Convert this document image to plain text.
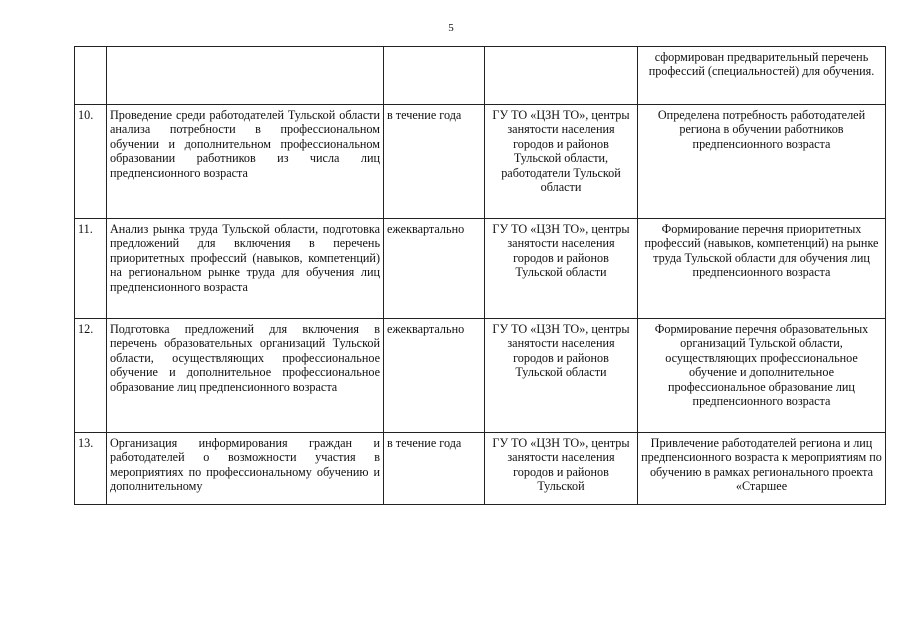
5
				сформирован предварительный перечень профессий (специальностей) для обучения.
10.	Проведение среди работодателей Тульской области анализа потребности в профессиональном обучении и дополнительном профессиональном образовании работников из числа лиц предпенсионного возраста	в течение года	ГУ ТО «ЦЗН ТО», центры занятости населения городов и районов Тульской области, работодатели Тульской области	Определена потребность работодателей региона в обучении работников предпенсионного возраста
11.	Анализ рынка труда Тульской области, подготовка предложений для включения в перечень приоритетных профессий (навыков, компетенций) на региональном рынке труда для обучения лиц предпенсионного возраста	ежеквартально	ГУ ТО «ЦЗН ТО», центры занятости населения городов и районов Тульской области	Формирование перечня приоритетных профессий (навыков, компетенций) на рынке труда Тульской области для обучения лиц предпенсионного возраста
12.	Подготовка предложений для включения в перечень образовательных организаций Тульской области, осуществляющих профессиональное обучение и дополнительное профессиональное образование лиц предпенсионного возраста	ежеквартально	ГУ ТО «ЦЗН ТО», центры занятости населения городов и районов Тульской области	Формирование перечня образовательных организаций Тульской области, осуществляющих профессиональное обучение и дополнительное профессиональное образование лиц предпенсионного возраста
13.	Организация информирования граждан и работодателей о возможности участия в мероприятиях по профессиональному обучению и дополнительному	в течение года	ГУ ТО «ЦЗН ТО», центры занятости населения городов и районов Тульской	Привлечение работодателей региона и лиц предпенсионного возраста к мероприятиям по обучению в рамках регионального проекта «Старшее
